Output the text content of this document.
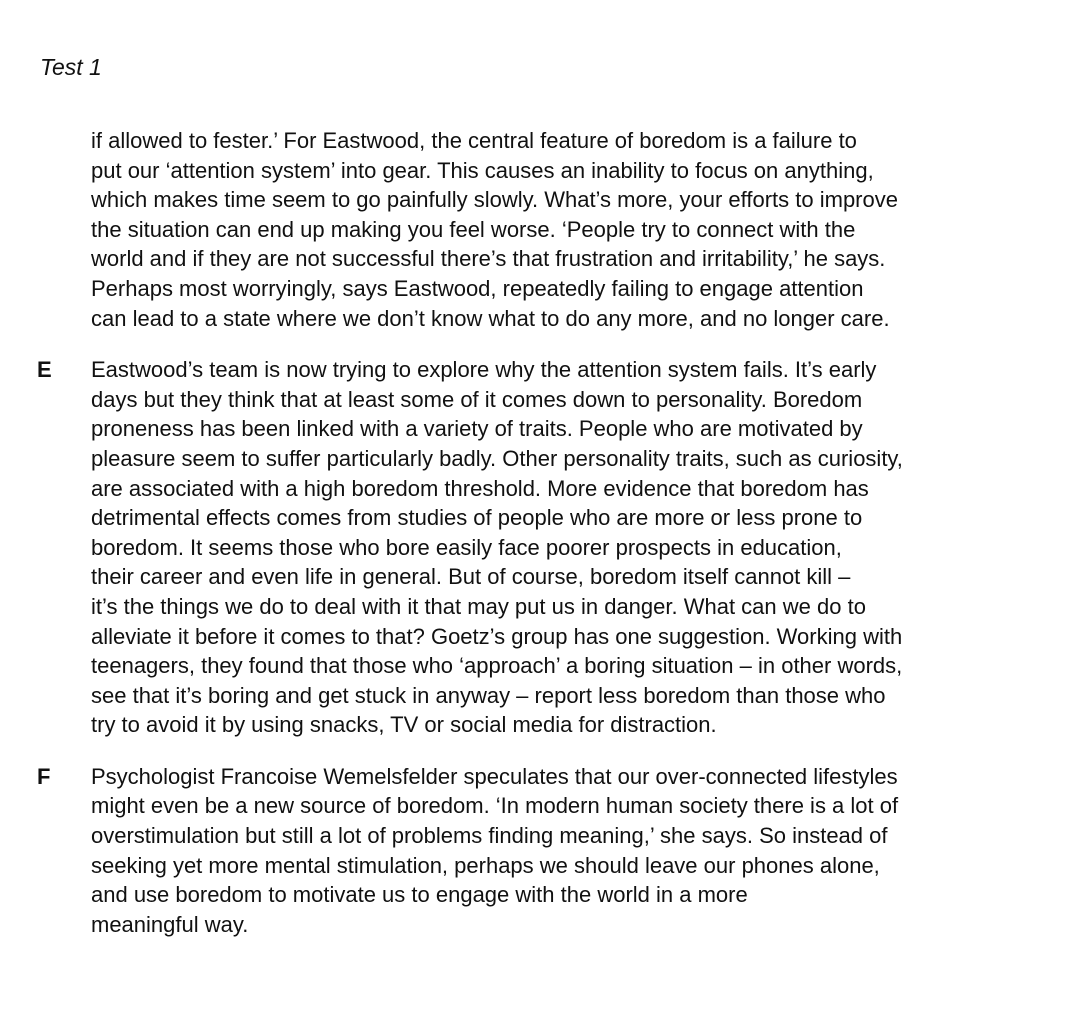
Test 1
if allowed to fester.’ For Eastwood, the central feature of boredom is a failure to
put our ‘attention system’ into gear. This causes an inability to focus on anything,
which makes time seem to go painfully slowly. What’s more, your efforts to improve
the situation can end up making you feel worse. ‘People try to connect with the
world and if they are not successful there’s that frustration and irritability,’ he says.
Perhaps most worryingly, says Eastwood, repeatedly failing to engage attention
can lead to a state where we don’t know what to do any more, and no longer care.
E Eastwood’s team is now trying to explore why the attention system fails. It’s early
days but they think that at least some of it comes down to personality. Boredom
proneness has been linked with a variety of traits. People who are motivated by
pleasure seem to suffer particularly badly. Other personality traits, such as curiosity,
are associated with a high boredom threshold. More evidence that boredom has
detrimental effects comes from studies of people who are more or less prone to
boredom. It seems those who bore easily face poorer prospects in education,
their career and even life in general. But of course, boredom itself cannot kill –
it’s the things we do to deal with it that may put us in danger. What can we do to
alleviate it before it comes to that? Goetz’s group has one suggestion. Working with
teenagers, they found that those who ‘approach’ a boring situation – in other words,
see that it’s boring and get stuck in anyway – report less boredom than those who
try to avoid it by using snacks, TV or social media for distraction.
F Psychologist Francoise Wemelsfelder speculates that our over-connected lifestyles
might even be a new source of boredom. ‘In modern human society there is a lot of
overstimulation but still a lot of problems finding meaning,’ she says. So instead of
seeking yet more mental stimulation, perhaps we should leave our phones alone,
and use boredom to motivate us to engage with the world in a more
meaningful way.
